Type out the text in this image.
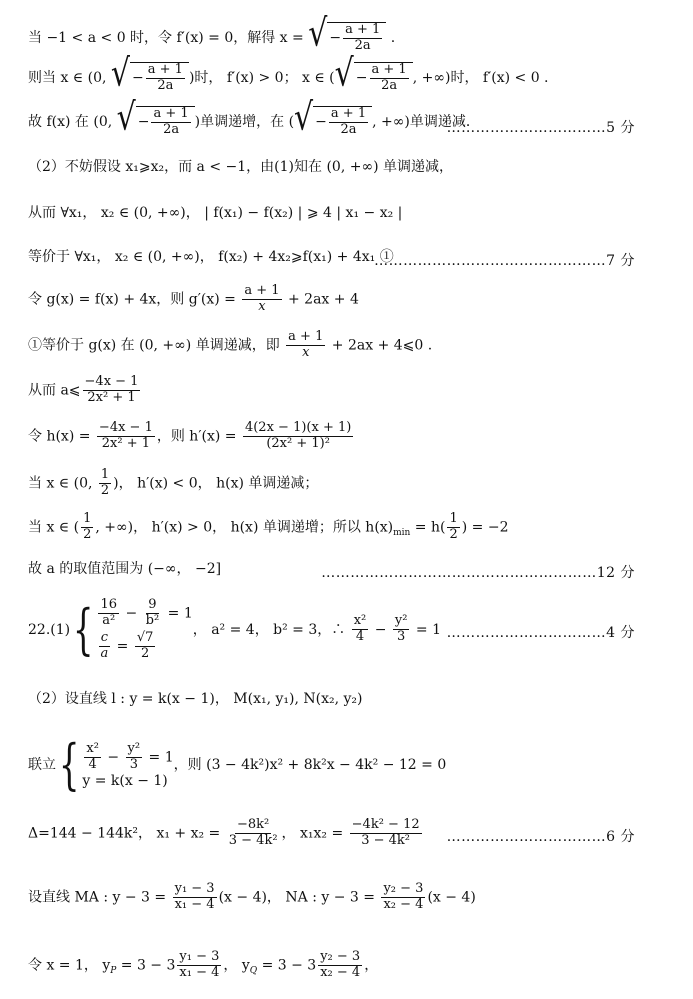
当 −1 < a < 0 时，令 f′(x) = 0，解得 x = √ − $\frac{a + 1}{2a}$ .
则当 x ∈ (0, √ − $\frac{a + 1}{2a}$ )时， f′(x) > 0； x ∈ ( √ − $\frac{a + 1}{2a}$ , +∞)时， f′(x) < 0 .
故 f(x) 在 (0, √ − $\frac{a + 1}{2a}$ )单调递增，在 ( √ − $\frac{a + 1}{2a}$ , +∞)单调递减．
……………………………5 分
（2）不妨假设 x₁⩾x₂，而 a < −1，由(1)知在 (0, +∞) 单调递减，
从而 ∀x₁， x₂ ∈ (0, +∞)， | f(x₁) − f(x₂) | ⩾ 4 | x₁ − x₂ |
等价于 ∀x₁， x₂ ∈ (0, +∞)， f(x₂) + 4x₂⩾f(x₁) + 4x₁ ①
…………………………………………7 分
令 g(x) = f(x) + 4x，则 $g'(x) = \frac{a + 1}{x} + 2ax + 4$
①等价于 g(x) 在 (0, +∞) 单调递减，即 $\frac{a + 1}{x} + 2ax$ + 4⩽0 .
从而 a⩽ $\frac{-4x - 1}{\text{2x² + 1}}$
令 $h(x) = \frac{-4x - 1}{\text{2x² + 1}}$ ，则 $h'(x) = \frac{4(2x - 1)(x + 1)}{\text{(2x² + 1)²}}$
当 x ∈ (0, $\frac{1}{2}$ )， h′(x) < 0， h(x) 单调递减；
当 x ∈ ( $\frac{1}{2}$ , +∞)， h′(x) > 0， h(x) 单调递增；所以 $h(x)_{min} = h( \frac{1}{2}$ ) = −2
故 a 的取值范围为 (−∞， −2]	…………………………………………………12 分
$22.(1)\{ \frac{16}{\text{a²}} - \frac{9}{\text{b²}} = 1$
$\frac{c}{a} = \frac{√7}{2}$
， a² = 4， b² = 3，∴ $\frac{\text{x²}}{4} - \frac{\text{y²}}{3} = 1$ ……………………………4 分
（2）设直线 l : y = k(x − 1)， M(x₁, y₁), N(x₂, y₂)
联立{ $\frac{\text{x²}}{4} - \frac{\text{y²}}{3} = 1$
y = k(x − 1)
，则 (3 − 4k²)x² + 8k²x − 4k² − 12 = 0
Δ=144 − 144k²， $x_1 + x_2 = \frac{\text{−8k²}}{\text{3 − 4k²}}$ ， $x_1x_2 = \frac{\text{−4k² − 12}}{\text{3 − 4k²}}$ ……………………………6 分
设直线 MA : $y - 3 = \frac{\text{y₁ − 3}}{\text{x₁ − 4}} (x - 4)$， NA : $y - 3 = \frac{\text{y₂ − 3}}{\text{x₂ − 4}} (x - 4)$
令 x = 1， $y_P = 3 - 3 \frac{\text{y₁ − 3}}{\text{x₁ − 4}}$ ， $y_Q = 3 - 3 \frac{\text{y₂ − 3}}{\text{x₂ − 4}}$ ，
